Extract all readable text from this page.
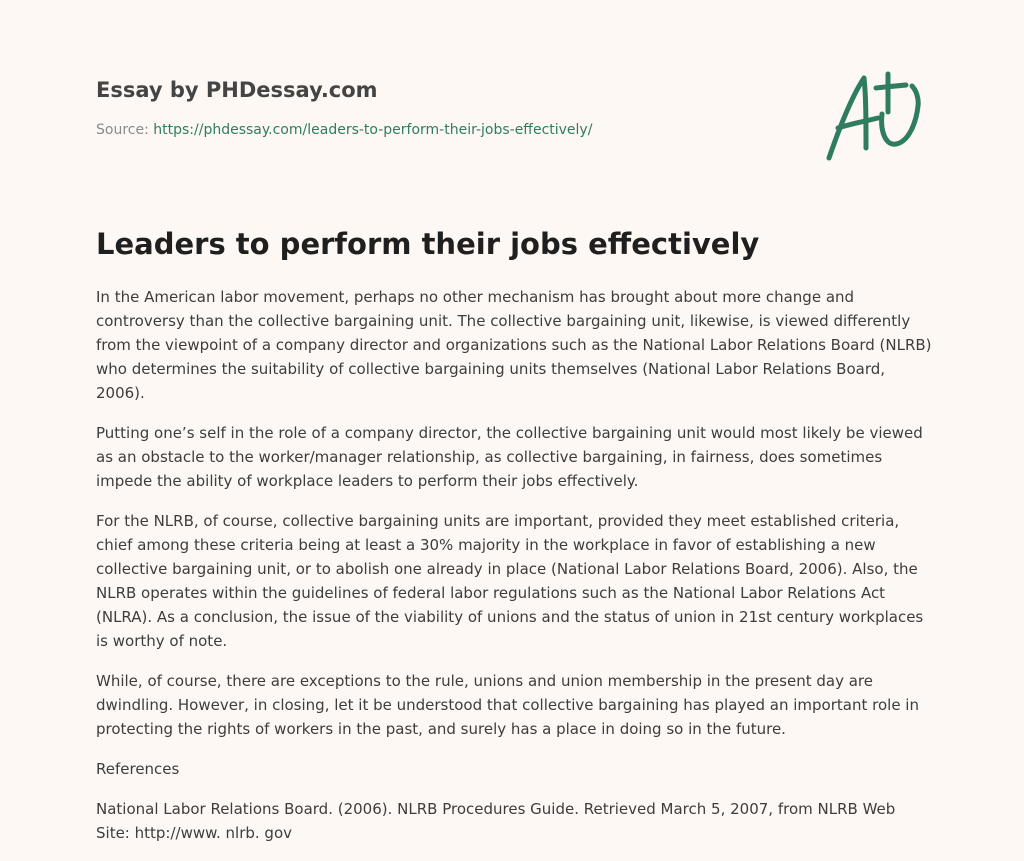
Essay by PHDessay.com
Source: https://phdessay.com/leaders-to-perform-their-jobs-effectively/
Leaders to perform their jobs effectively

In the American labor movement, perhaps no other mechanism has brought about more change and controversy than the collective bargaining unit. The collective bargaining unit, likewise, is viewed differently from the viewpoint of a company director and organizations such as the National Labor Relations Board (NLRB) who determines the suitability of collective bargaining units themselves (National Labor Relations Board, 2006).

Putting one’s self in the role of a company director, the collective bargaining unit would most likely be viewed as an obstacle to the worker/manager relationship, as collective bargaining, in fairness, does sometimes impede the ability of workplace leaders to perform their jobs effectively.

For the NLRB, of course, collective bargaining units are important, provided they meet established criteria, chief among these criteria being at least a 30% majority in the workplace in favor of establishing a new collective bargaining unit, or to abolish one already in place (National Labor Relations Board, 2006). Also, the NLRB operates within the guidelines of federal labor regulations such as the National Labor Relations Act (NLRA). As a conclusion, the issue of the viability of unions and the status of union in 21st century workplaces is worthy of note.

While, of course, there are exceptions to the rule, unions and union membership in the present day are dwindling. However, in closing, let it be understood that collective bargaining has played an important role in protecting the rights of workers in the past, and surely has a place in doing so in the future.

References

National Labor Relations Board. (2006). NLRB Procedures Guide. Retrieved March 5, 2007, from NLRB Web Site: http://www. nlrb. gov
